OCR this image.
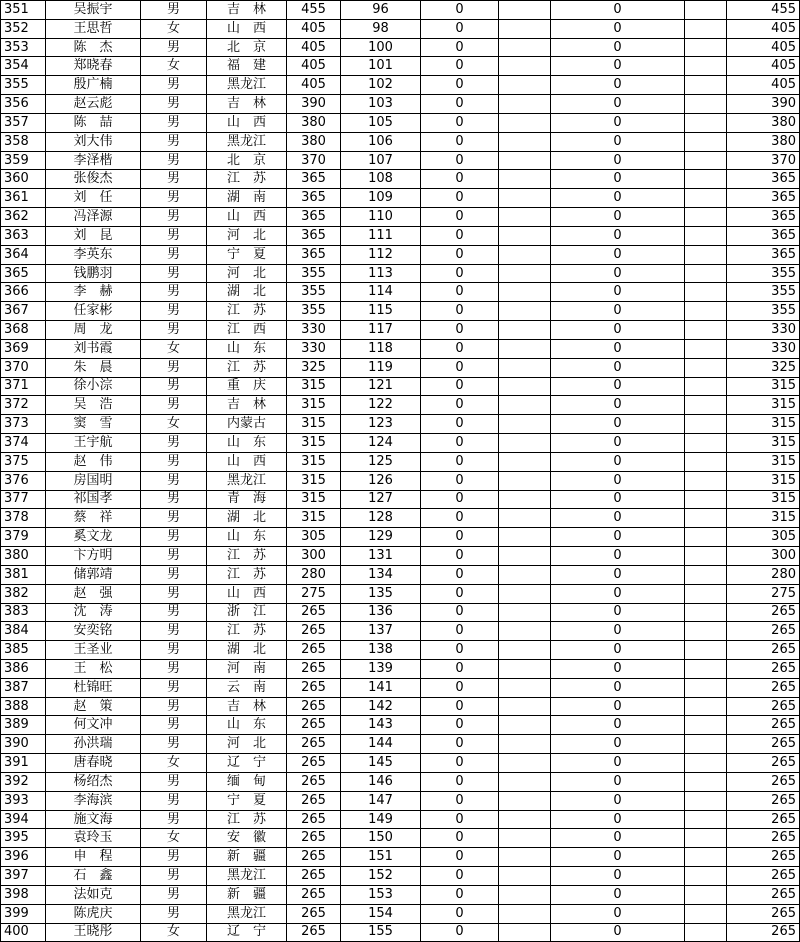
351	吴振宇	男	吉　林	455	96	0		0		455
352	王思哲	女	山　西	405	98	0		0		405
353	陈　杰	男	北　京	405	100	0		0		405
354	郑晓春	女	福　建	405	101	0		0		405
355	殷广楠	男	黑龙江	405	102	0		0		405
356	赵云彪	男	吉　林	390	103	0		0		390
357	陈　喆	男	山　西	380	105	0		0		380
358	刘大伟	男	黑龙江	380	106	0		0		380
359	李泽楷	男	北　京	370	107	0		0		370
360	张俊杰	男	江　苏	365	108	0		0		365
361	刘　任	男	湖　南	365	109	0		0		365
362	冯泽源	男	山　西	365	110	0		0		365
363	刘　昆	男	河　北	365	111	0		0		365
364	李英东	男	宁　夏	365	112	0		0		365
365	钱鹏羽	男	河　北	355	113	0		0		355
366	李　赫	男	湖　北	355	114	0		0		355
367	任家彬	男	江　苏	355	115	0		0		355
368	周　龙	男	江　西	330	117	0		0		330
369	刘书霞	女	山　东	330	118	0		0		330
370	朱　晨	男	江　苏	325	119	0		0		325
371	徐小淙	男	重　庆	315	121	0		0		315
372	吴　浩	男	吉　林	315	122	0		0		315
373	窦　雪	女	内蒙古	315	123	0		0		315
374	王宇航	男	山　东	315	124	0		0		315
375	赵　伟	男	山　西	315	125	0		0		315
376	房国明	男	黑龙江	315	126	0		0		315
377	祁国孝	男	青　海	315	127	0		0		315
378	蔡　祥	男	湖　北	315	128	0		0		315
379	奚文龙	男	山　东	305	129	0		0		305
380	卞方明	男	江　苏	300	131	0		0		300
381	储郭靖	男	江　苏	280	134	0		0		280
382	赵　强	男	山　西	275	135	0		0		275
383	沈　涛	男	浙　江	265	136	0		0		265
384	安奕铭	男	江　苏	265	137	0		0		265
385	王圣业	男	湖　北	265	138	0		0		265
386	王　松	男	河　南	265	139	0		0		265
387	杜锦旺	男	云　南	265	141	0		0		265
388	赵　策	男	吉　林	265	142	0		0		265
389	何文冲	男	山　东	265	143	0		0		265
390	孙洪瑞	男	河　北	265	144	0		0		265
391	唐春晓	女	辽　宁	265	145	0		0		265
392	杨绍杰	男	缅　甸	265	146	0		0		265
393	李海滨	男	宁　夏	265	147	0		0		265
394	施文海	男	江　苏	265	149	0		0		265
395	袁玲玉	女	安　徽	265	150	0		0		265
396	申　程	男	新　疆	265	151	0		0		265
397	石　鑫	男	黑龙江	265	152	0		0		265
398	法如克	男	新　疆	265	153	0		0		265
399	陈虎庆	男	黑龙江	265	154	0		0		265
400	王晓彤	女	辽　宁	265	155	0		0		265
